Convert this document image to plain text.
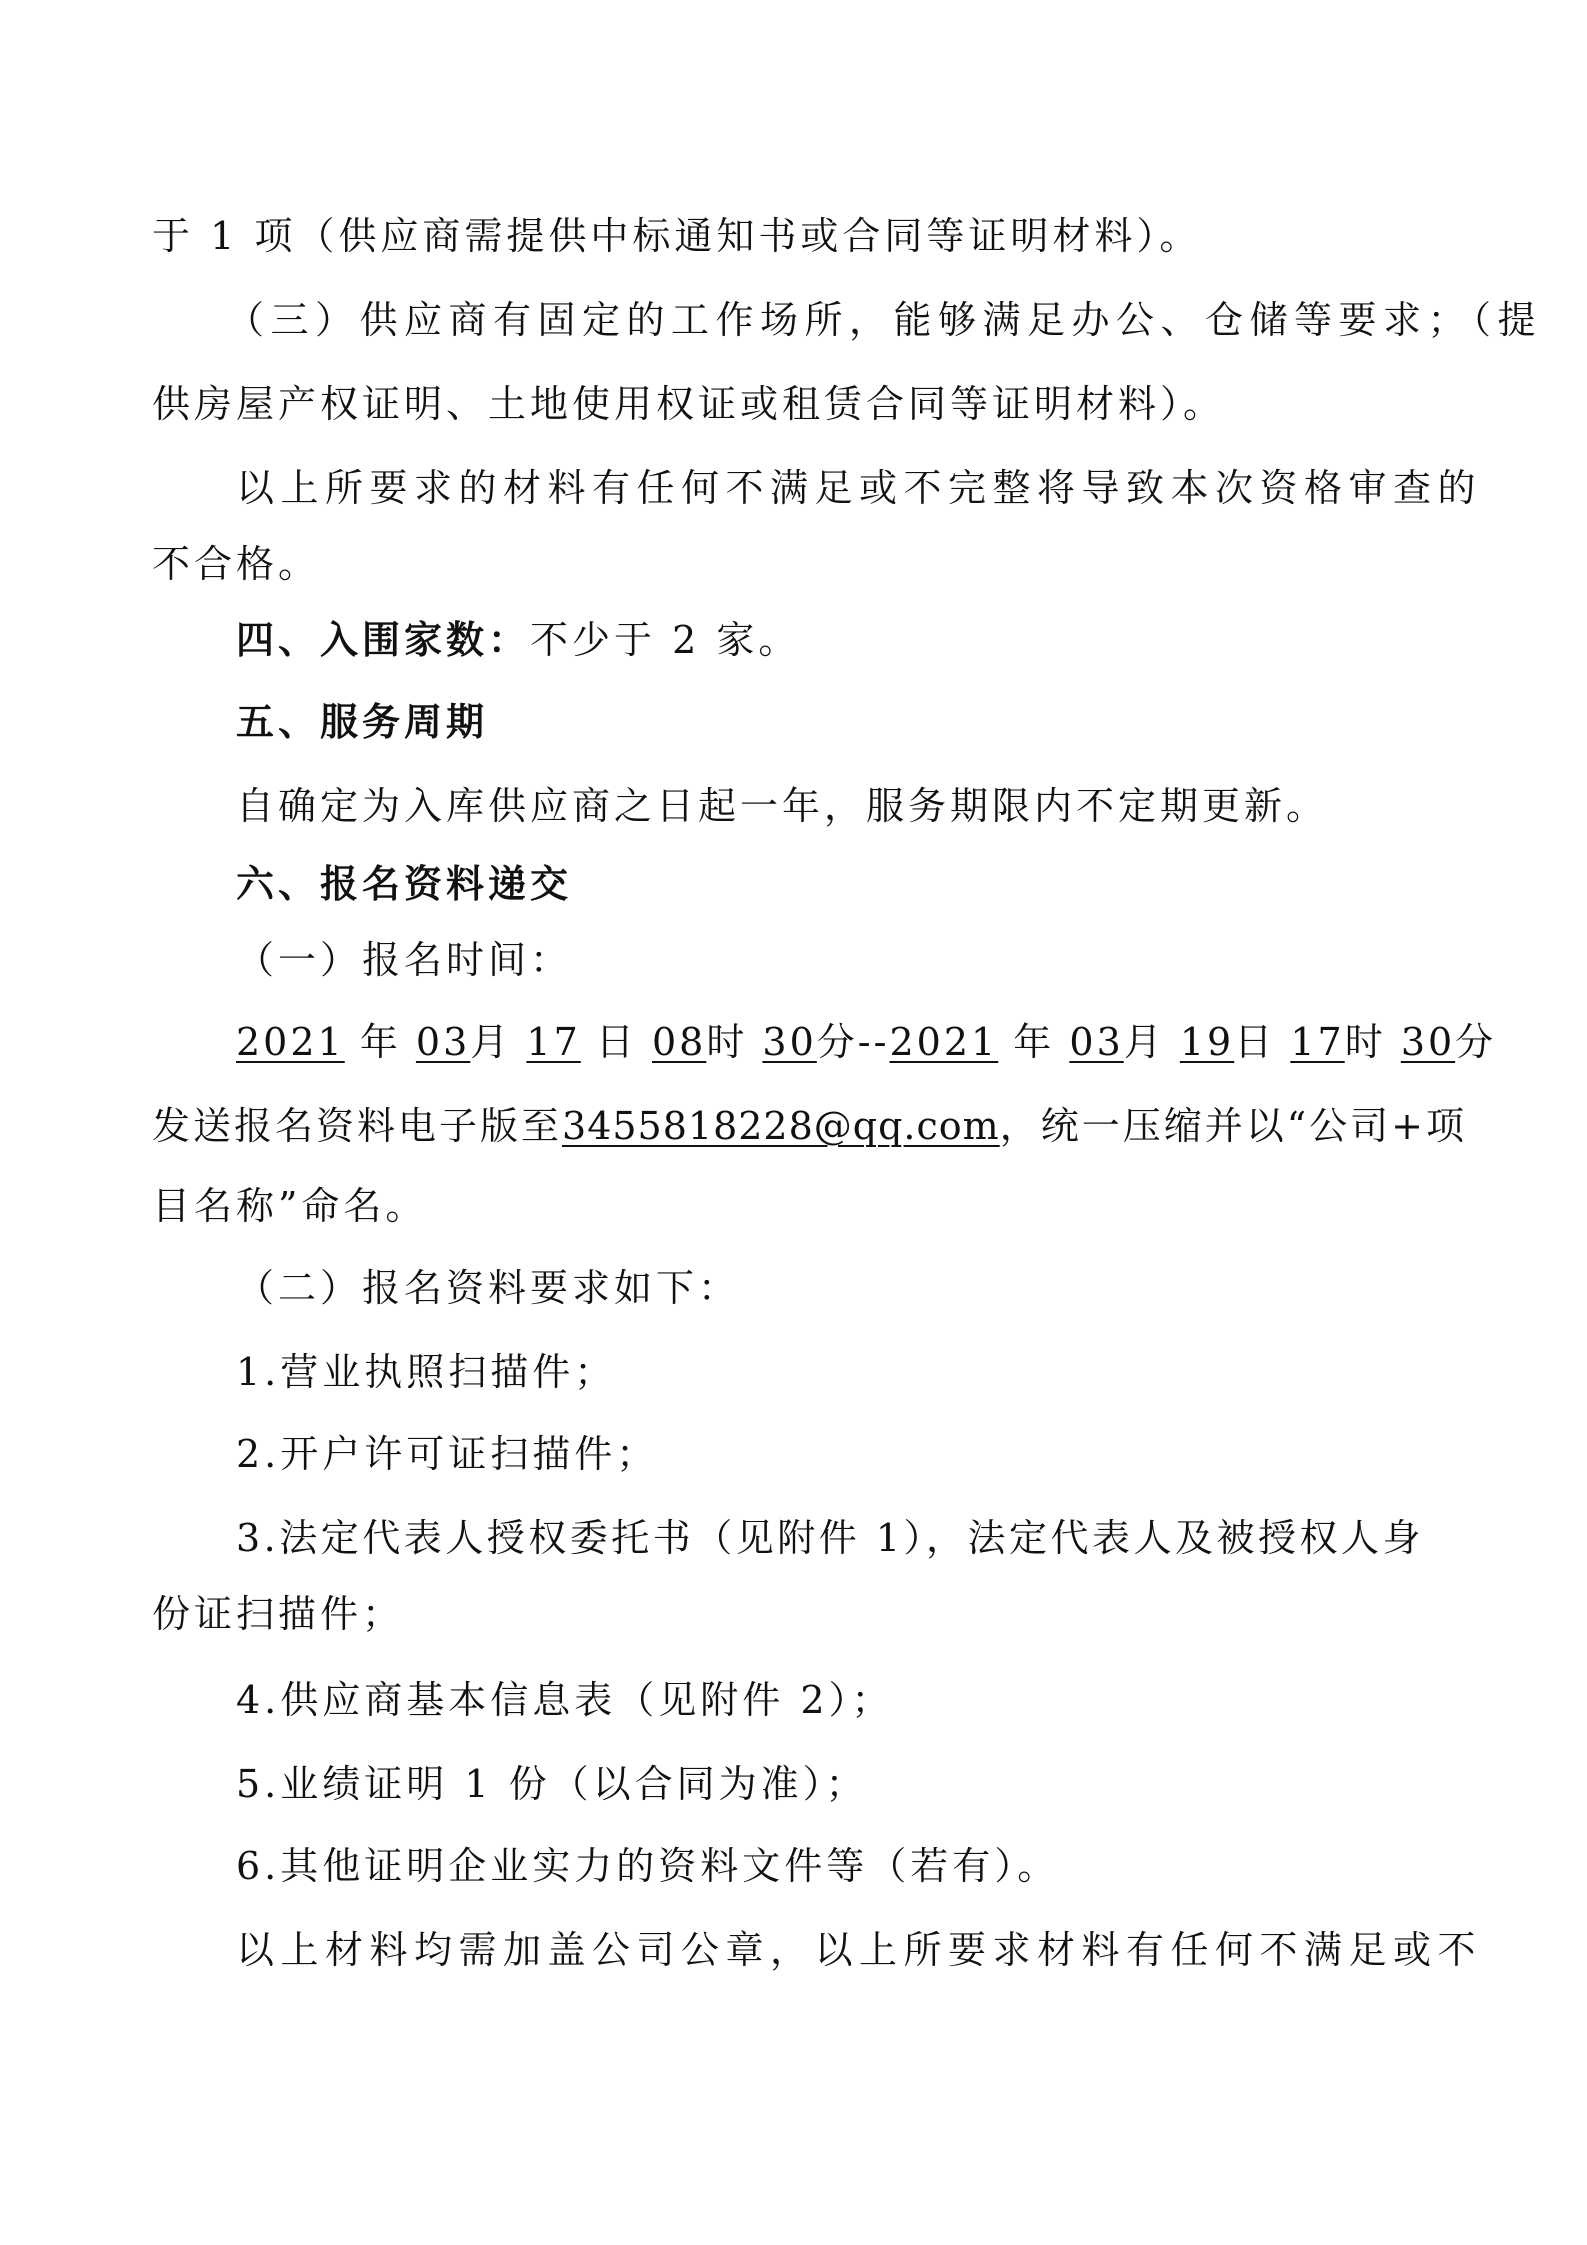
于 1 项（供应商需提供中标通知书或合同等证明材料）。
（三）供应商有固定的工作场所，能够满足办公、仓储等要求；（提
供房屋产权证明、土地使用权证或租赁合同等证明材料）。
以上所要求的材料有任何不满足或不完整将导致本次资格审查的
不合格。
四、入围家数：不少于 2 家。
五、服务周期
自确定为入库供应商之日起一年，服务期限内不定期更新。
六、报名资料递交
（一）报名时间：
2021 年 03月 17 日 08时 30分--2021 年 03月 19日 17时 30分
发送报名资料电子版至3455818228@qq.com，统一压缩并以“公司+项
目名称”命名。
（二）报名资料要求如下：
1.营业执照扫描件；
2.开户许可证扫描件；
3.法定代表人授权委托书（见附件 1），法定代表人及被授权人身
份证扫描件；
4.供应商基本信息表（见附件 2）；
5.业绩证明 1 份（以合同为准）；
6.其他证明企业实力的资料文件等（若有）。
以上材料均需加盖公司公章，以上所要求材料有任何不满足或不
